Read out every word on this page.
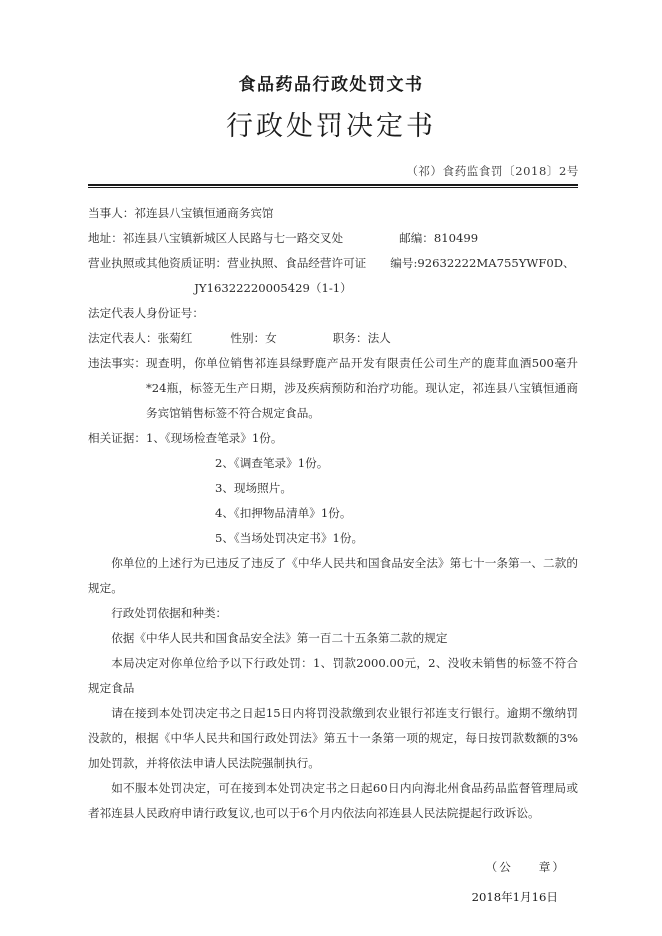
食品药品行政处罚文书
行政处罚决定书
（祁）食药监食罚〔2018〕2号
当事人：祁连县八宝镇恒通商务宾馆
地址：祁连县八宝镇新城区人民路与七一路交叉处	邮编：810499
营业执照或其他资质证明：营业执照、食品经营许可证 编号:92632222MA755YWF0D、
JY16322220005429（1-1）
法定代表人身份证号：
法定代表人：张菊红	性别：女	职务：法人
违法事实： 现查明，你单位销售祁连县绿野鹿产品开发有限责任公司生产的鹿茸血酒500毫升*24瓶，标签无生产日期，涉及疾病预防和治疗功能。现认定，祁连县八宝镇恒通商务宾馆销售标签不符合规定食品。
相关证据： 1、《现场检查笔录》1份。
2、《调查笔录》1份。
3、现场照片。
4、《扣押物品清单》1份。
5、《当场处罚决定书》1份。

你单位的上述行为已违反了违反了《中华人民共和国食品安全法》第七十一条第一、二款的规定。

行政处罚依据和种类：

依据《中华人民共和国食品安全法》第一百二十五条第二款的规定

本局决定对你单位给予以下行政处罚：1、罚款2000.00元，2、没收未销售的标签不符合规定食品

请在接到本处罚决定书之日起15日内将罚没款缴到农业银行祁连支行银行。逾期不缴纳罚没款的，根据《中华人民共和国行政处罚法》第五十一条第一项的规定，每日按罚款数额的3%加处罚款，并将依法申请人民法院强制执行。

如不服本处罚决定，可在接到本处罚决定书之日起60日内向海北州食品药品监督管理局或者祁连县人民政府申请行政复议,也可以于6个月内依法向祁连县人民法院提起行政诉讼。

（公 章）
2018年1月16日
